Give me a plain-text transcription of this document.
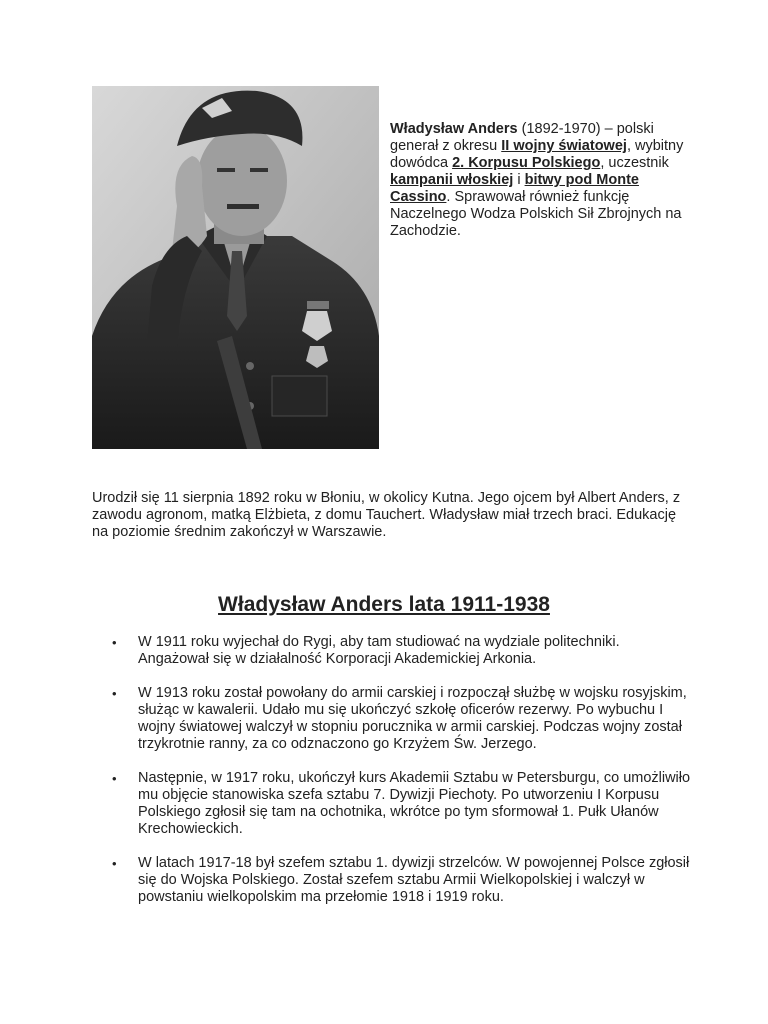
Władysław Anders (1892-1970) – polski generał z okresu II wojny światowej, wybitny dowódca 2. Korpusu Polskiego, uczestnik kampanii włoskiej i bitwy pod Monte Cassino. Sprawował również funkcję Naczelnego Wodza Polskich Sił Zbrojnych na Zachodzie.
Urodził się 11 sierpnia 1892 roku w Błoniu, w okolicy Kutna. Jego ojcem był Albert Anders, z zawodu agronom, matką Elżbieta, z domu Tauchert. Władysław miał trzech braci. Edukację na poziomie średnim zakończył w Warszawie.
Władysław Anders lata 1911-1938
•	W 1911 roku wyjechał do Rygi, aby tam studiować na wydziale politechniki. Angażował się w działalność Korporacji Akademickiej Arkonia.
•	W 1913 roku został powołany do armii carskiej i rozpoczął służbę w wojsku rosyjskim, służąc w kawalerii. Udało mu się ukończyć szkołę oficerów rezerwy. Po wybuchu I wojny światowej walczył w stopniu porucznika w armii carskiej. Podczas wojny został trzykrotnie ranny, za co odznaczono go Krzyżem Św. Jerzego.
•	Następnie, w 1917 roku, ukończył kurs Akademii Sztabu w Petersburgu, co umożliwiło mu objęcie stanowiska szefa sztabu 7. Dywizji Piechoty. Po utworzeniu I Korpusu Polskiego zgłosił się tam na ochotnika, wkrótce po tym sformował 1. Pułk Ułanów Krechowieckich.
•	W latach 1917-18 był szefem sztabu 1. dywizji strzelców. W powojennej Polsce zgłosił się do Wojska Polskiego. Został szefem sztabu Armii Wielkopolskiej i walczył w powstaniu wielkopolskim ma przełomie 1918 i 1919 roku.
